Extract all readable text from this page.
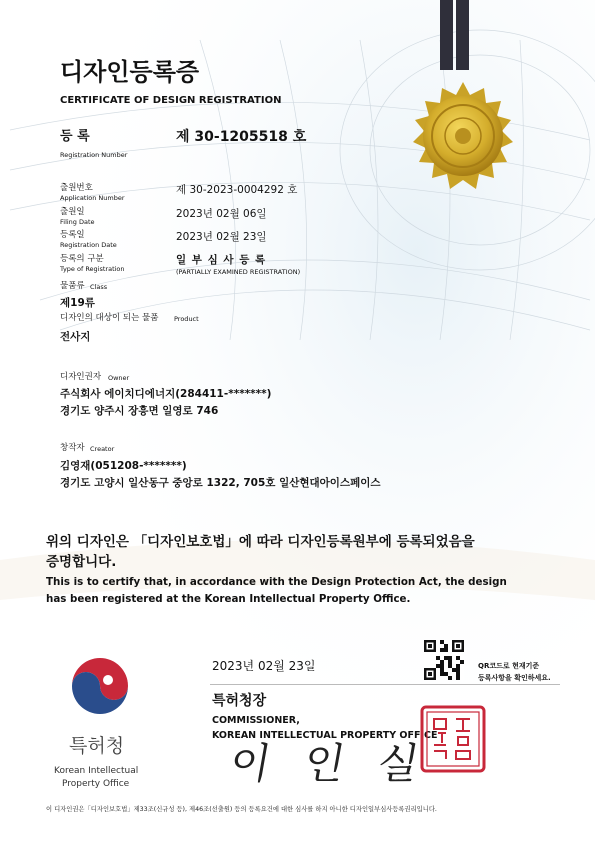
디자인등록증
CERTIFICATE OF DESIGN REGISTRATION
등 록
Registration Number
제 30-1205518 호
출원번호
Application Number
제 30-2023-0004292 호
출원일
Filing Date
2023년 02월 06일
등록일
Registration Date
2023년 02월 23일
등록의 구분
Type of Registration
일 부 심 사 등 록
(PARTIALLY EXAMINED REGISTRATION)
물품류 Class
제19류
디자인의 대상이 되는 물품 Product
전사지
디자인권자 Owner
주식회사 에이치디에너지(284411-*******)
경기도 양주시 장흥면 일영로 746
창작자 Creator
김영재(051208-*******)
경기도 고양시 일산동구 중앙로 1322, 705호 일산현대아이스페이스
위의 디자인은 「디자인보호법」에 따라 디자인등록원부에 등록되었음을
증명합니다.
This is to certify that, in accordance with the Design Protection Act, the design
has been registered at the Korean Intellectual Property Office.
2023년 02월 23일	QR코드로 현재기준
등록사항을 확인하세요.
특허청장
COMMISSIONER,
KOREAN INTELLECTUAL PROPERTY OFFICE
이 인 실
특허청
Korean Intellectual
Property Office
이 디자인권은「디자인보호법」제33조(신규성 등), 제46조(선출원) 등의 등록요건에 대한 심사를 하지 아니한 디자인일부심사등록권리입니다.
